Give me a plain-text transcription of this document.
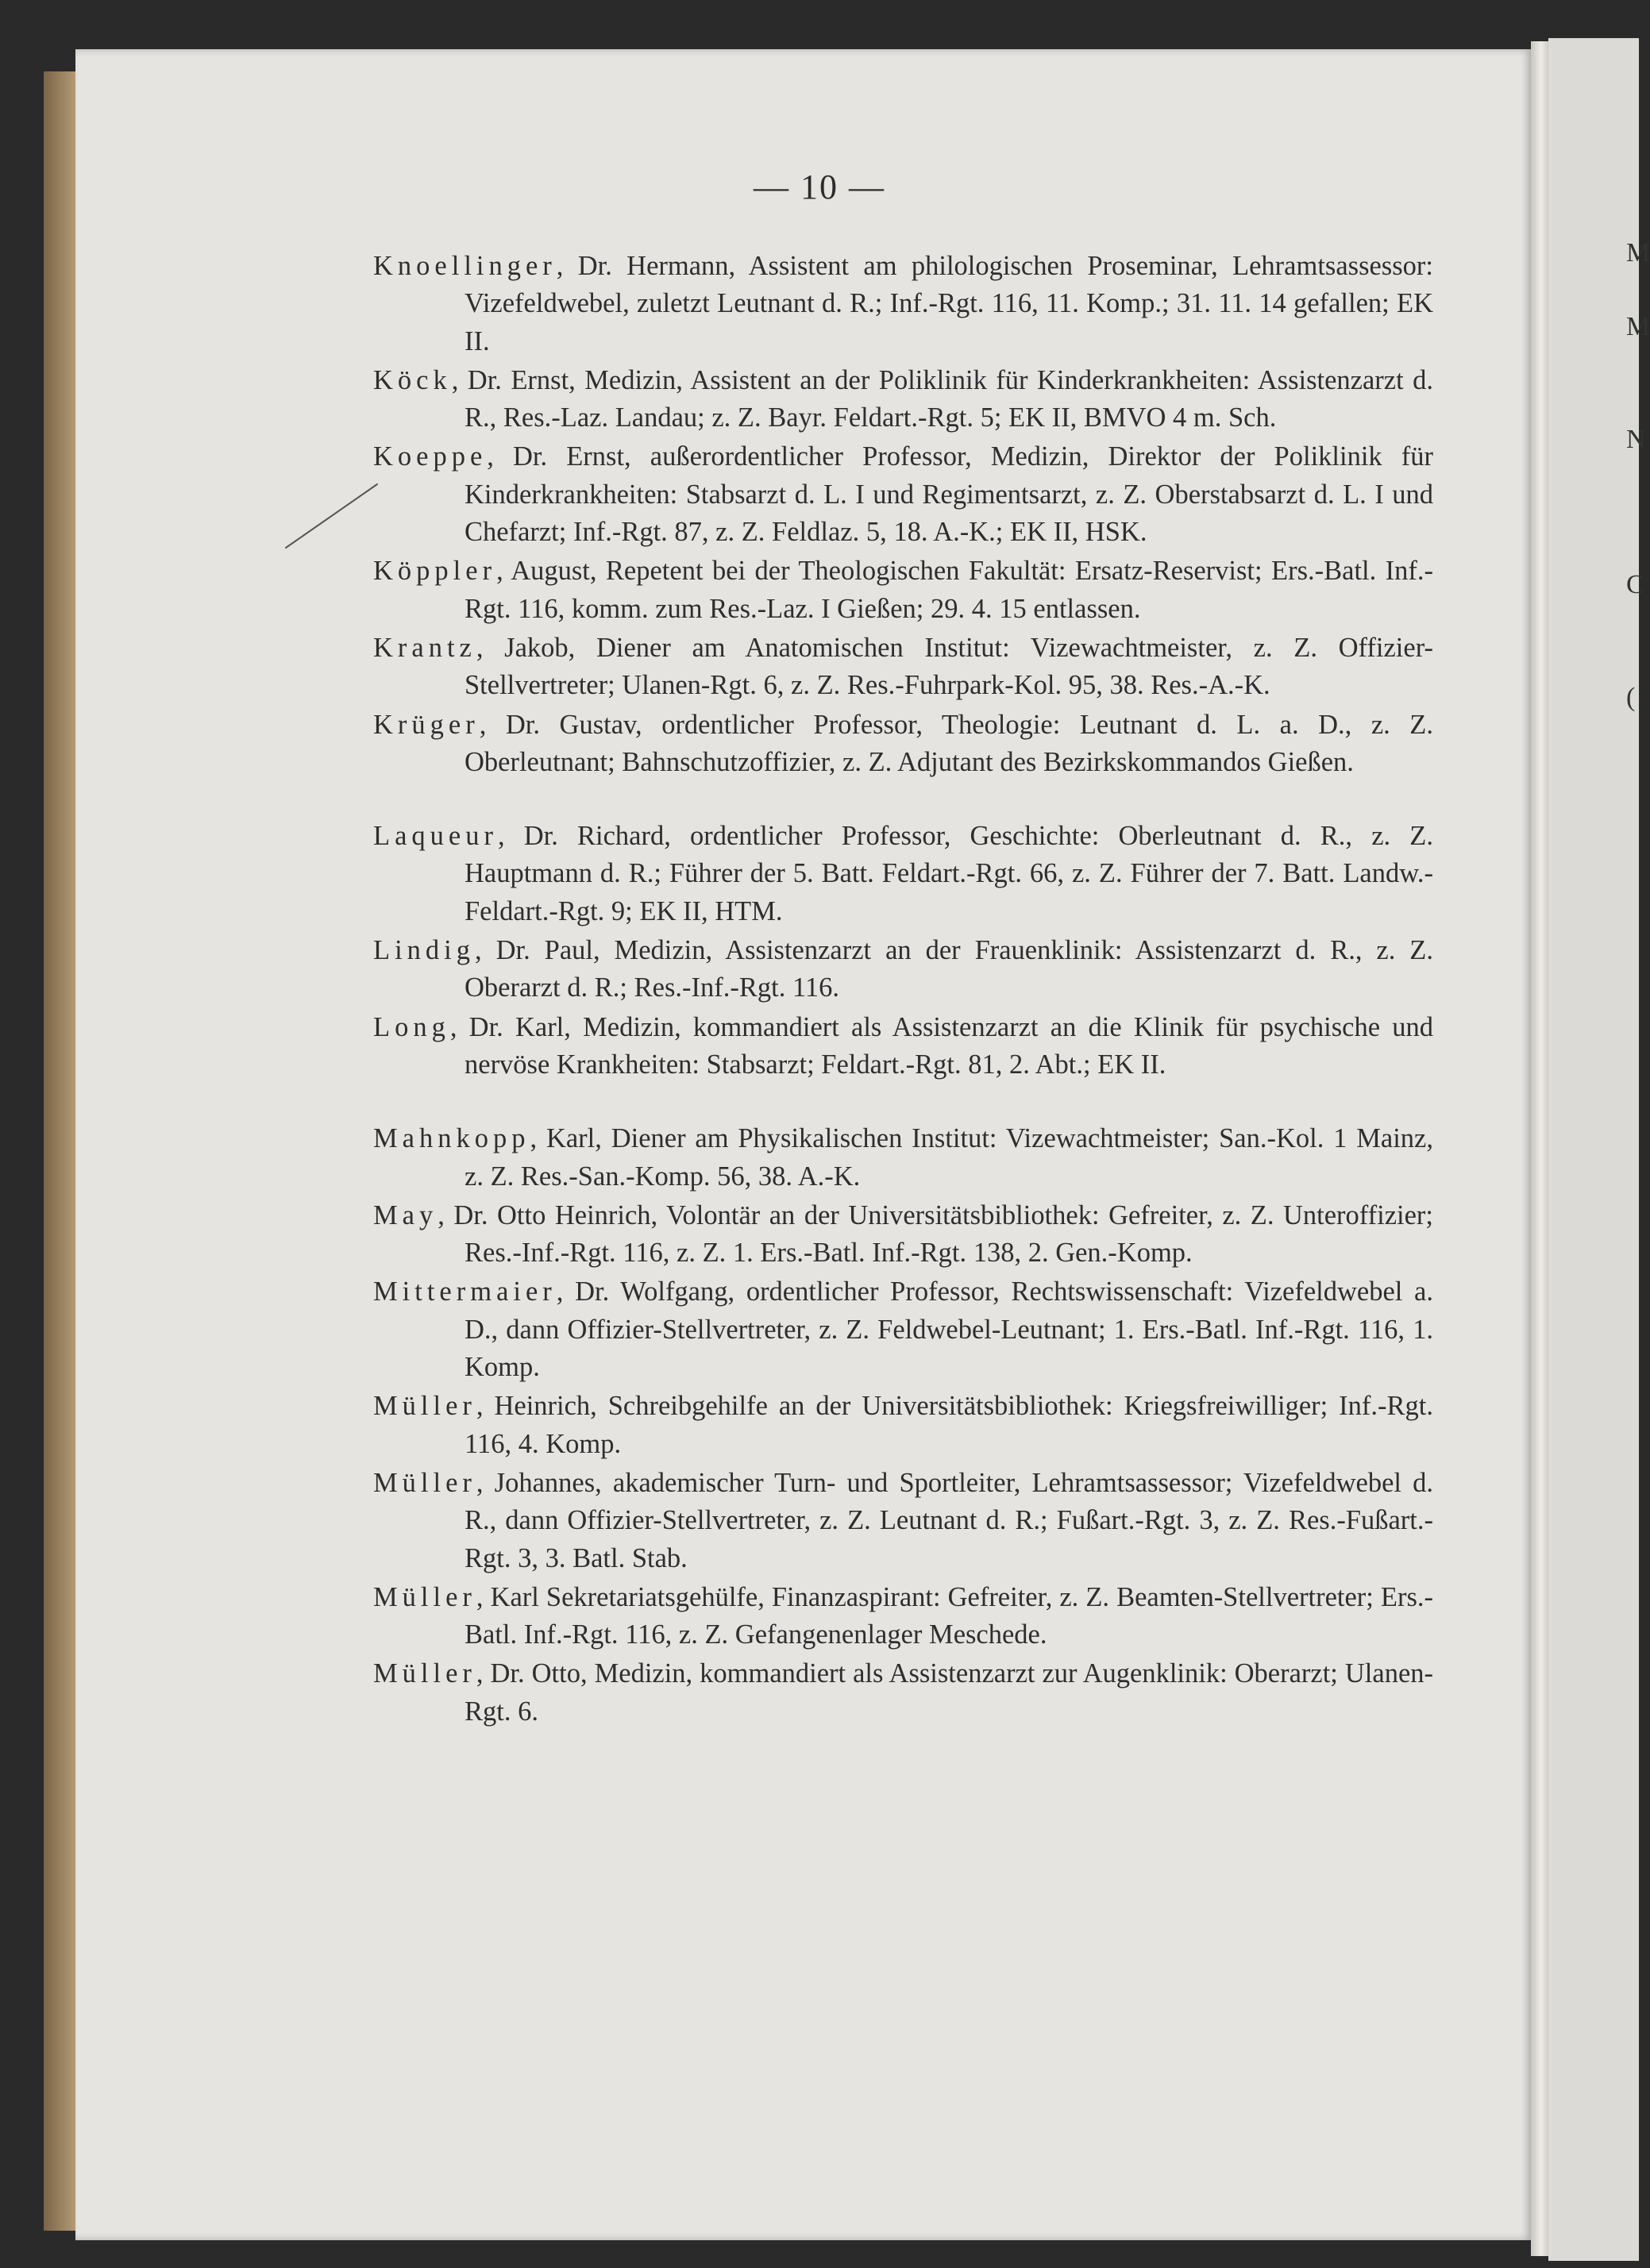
M
M
N
C
(
— 10 —

Knoellinger, Dr. Hermann, Assistent am philologischen Proseminar, Lehramtsassessor: Vizefeldwebel, zuletzt Leutnant d. R.; Inf.-Rgt. 116, 11. Komp.; 31. 11. 14 gefallen; EK II.

Köck, Dr. Ernst, Medizin, Assistent an der Poliklinik für Kinderkrankheiten: Assistenzarzt d. R., Res.-Laz. Landau; z. Z. Bayr. Feldart.-Rgt. 5; EK II, BMVO 4 m. Sch.

Koeppe, Dr. Ernst, außerordentlicher Professor, Medizin, Direktor der Poliklinik für Kinderkrankheiten: Stabsarzt d. L. I und Regimentsarzt, z. Z. Oberstabsarzt d. L. I und Chefarzt; Inf.-Rgt. 87, z. Z. Feldlaz. 5, 18. A.-K.; EK II, HSK.

Köppler, August, Repetent bei der Theologischen Fakultät: Ersatz-Reservist; Ers.-Batl. Inf.-Rgt. 116, komm. zum Res.-Laz. I Gießen; 29. 4. 15 entlassen.

Krantz, Jakob, Diener am Anatomischen Institut: Vizewachtmeister, z. Z. Offizier-Stellvertreter; Ulanen-Rgt. 6, z. Z. Res.-Fuhrpark-Kol. 95, 38. Res.-A.-K.

Krüger, Dr. Gustav, ordentlicher Professor, Theologie: Leutnant d. L. a. D., z. Z. Oberleutnant; Bahnschutzoffizier, z. Z. Adjutant des Bezirkskommandos Gießen.

Laqueur, Dr. Richard, ordentlicher Professor, Geschichte: Oberleutnant d. R., z. Z. Hauptmann d. R.; Führer der 5. Batt. Feldart.-Rgt. 66, z. Z. Führer der 7. Batt. Landw.-Feldart.-Rgt. 9; EK II, HTM.

Lindig, Dr. Paul, Medizin, Assistenzarzt an der Frauenklinik: Assistenzarzt d. R., z. Z. Oberarzt d. R.; Res.-Inf.-Rgt. 116.

Long, Dr. Karl, Medizin, kommandiert als Assistenzarzt an die Klinik für psychische und nervöse Krankheiten: Stabsarzt; Feldart.-Rgt. 81, 2. Abt.; EK II.

Mahnkopp, Karl, Diener am Physikalischen Institut: Vizewachtmeister; San.-Kol. 1 Mainz, z. Z. Res.-San.-Komp. 56, 38. A.-K.

May, Dr. Otto Heinrich, Volontär an der Universitätsbibliothek: Gefreiter, z. Z. Unteroffizier; Res.-Inf.-Rgt. 116, z. Z. 1. Ers.-Batl. Inf.-Rgt. 138, 2. Gen.-Komp.

Mittermaier, Dr. Wolfgang, ordentlicher Professor, Rechtswissenschaft: Vizefeldwebel a. D., dann Offizier-Stellvertreter, z. Z. Feldwebel-Leutnant; 1. Ers.-Batl. Inf.-Rgt. 116, 1. Komp.

Müller, Heinrich, Schreibgehilfe an der Universitätsbibliothek: Kriegsfreiwilliger; Inf.-Rgt. 116, 4. Komp.

Müller, Johannes, akademischer Turn- und Sportleiter, Lehramtsassessor; Vizefeldwebel d. R., dann Offizier-Stellvertreter, z. Z. Leutnant d. R.; Fußart.-Rgt. 3, z. Z. Res.-Fußart.-Rgt. 3, 3. Batl. Stab.

Müller, Karl Sekretariatsgehülfe, Finanzaspirant: Gefreiter, z. Z. Beamten-Stellvertreter; Ers.-Batl. Inf.-Rgt. 116, z. Z. Gefangenenlager Meschede.

Müller, Dr. Otto, Medizin, kommandiert als Assistenzarzt zur Augenklinik: Oberarzt; Ulanen-Rgt. 6.
